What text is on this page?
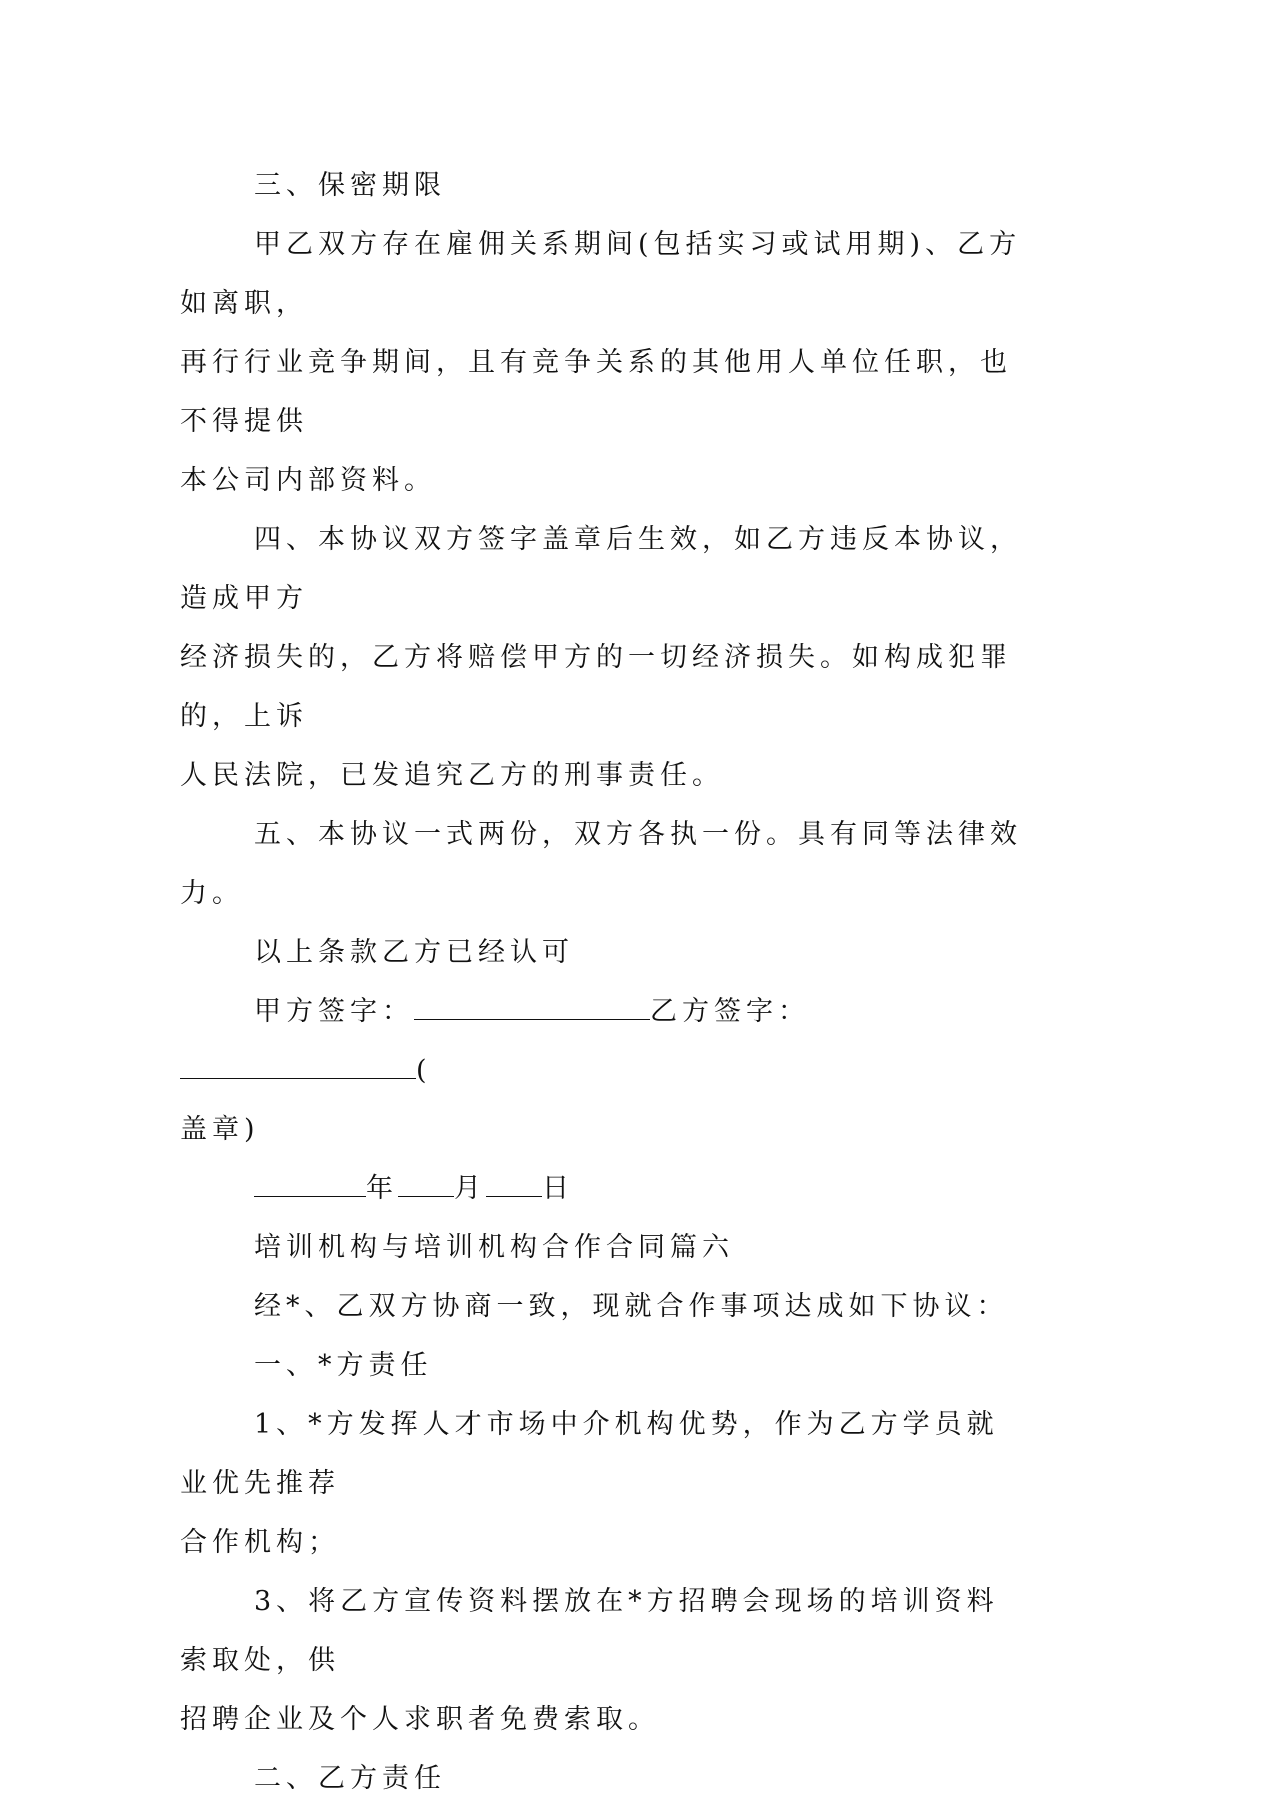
三、保密期限

甲乙双方存在雇佣关系期间(包括实习或试用期)、乙方如离职，
再行行业竞争期间，且有竞争关系的其他用人单位任职，也不得提供
本公司内部资料。

四、本协议双方签字盖章后生效，如乙方违反本协议，造成甲方
经济损失的，乙方将赔偿甲方的一切经济损失。如构成犯罪的，上诉
人民法院，已发追究乙方的刑事责任。

五、本协议一式两份，双方各执一份。具有同等法律效力。

以上条款乙方已经认可

甲方签字：	乙方签字：(
盖章)

年 月 日

培训机构与培训机构合作合同篇六

经*、乙双方协商一致，现就合作事项达成如下协议：

一、*方责任

1、*方发挥人才市场中介机构优势，作为乙方学员就业优先推荐
合作机构；

3、将乙方宣传资料摆放在*方招聘会现场的培训资料索取处，供
招聘企业及个人求职者免费索取。

二、乙方责任
